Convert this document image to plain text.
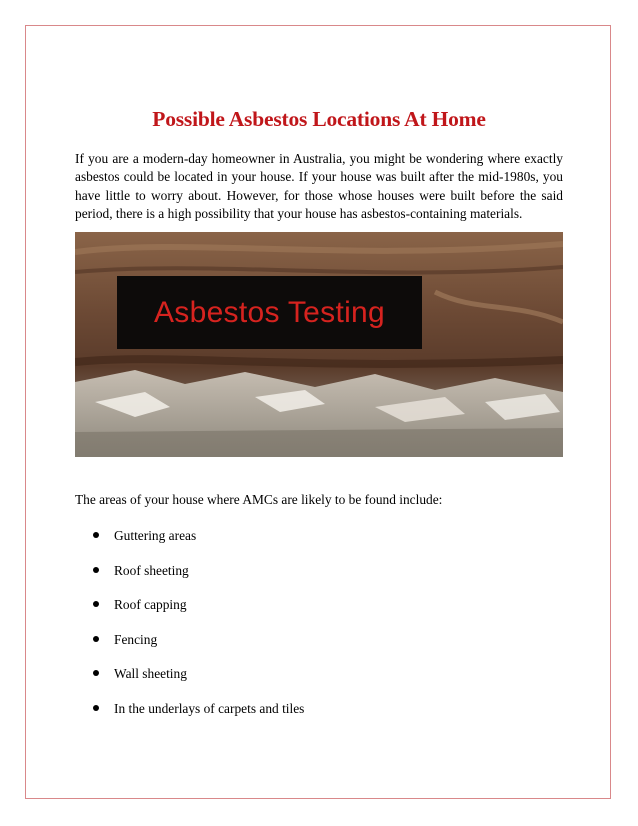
Possible Asbestos Locations At Home

If you are a modern-day homeowner in Australia, you might be wondering where exactly asbestos could be located in your house. If your house was built after the mid-1980s, you have little to worry about. However, for those whose houses were built before the said period, there is a high possibility that your house has asbestos-containing materials.

Asbestos Testing

The areas of your house where AMCs are likely to be found include:

Guttering areas
Roof sheeting
Roof capping
Fencing
Wall sheeting
In the underlays of carpets and tiles
